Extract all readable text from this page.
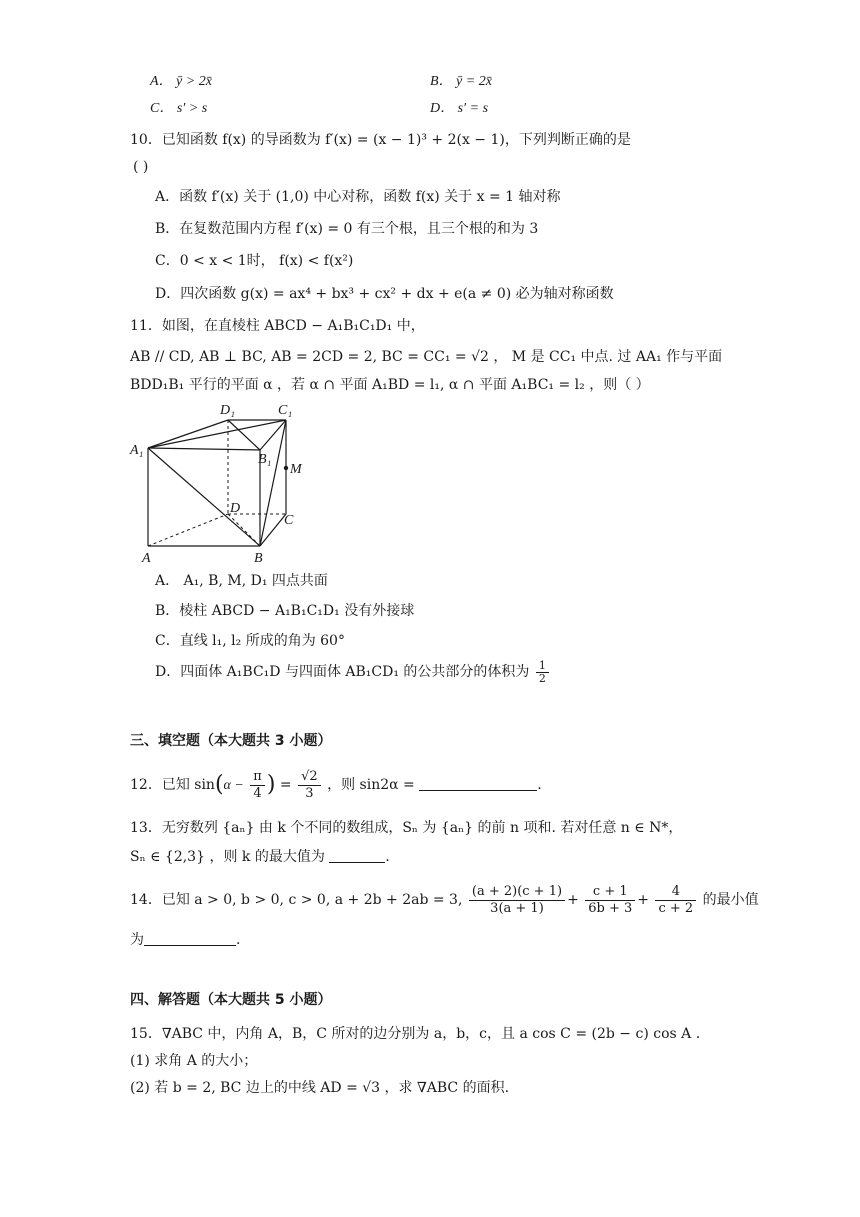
A． ȳ > 2x̄	B． ȳ = 2x̄
C． s′ > s	D． s′ = s
10．已知函数 f(x) 的导函数为 f′(x) = (x − 1)³ + 2(x − 1)，下列判断正确的是
( )
A．函数 f′(x) 关于 (1,0) 中心对称，函数 f(x) 关于 x = 1 轴对称
B．在复数范围内方程 f′(x) = 0 有三个根，且三个根的和为 3
C．0 < x < 1时， f(x) < f(x²)
D．四次函数 g(x) = ax⁴ + bx³ + cx² + dx + e(a ≠ 0) 必为轴对称函数
11．如图，在直棱柱 ABCD − A₁B₁C₁D₁ 中，
AB // CD, AB ⊥ BC, AB = 2CD = 2, BC = CC₁ = √2 ， M 是 CC₁ 中点. 过 AA₁ 作与平面
BDD₁B₁ 平行的平面 α ，若 α ∩ 平面 A₁BD = l₁, α ∩ 平面 A₁BC₁ = l₂ ，则（ ）
D₁	C₁
A₁
B₁
M
D
C
A	B
A． A₁, B, M, D₁ 四点共面
B．棱柱 ABCD − A₁B₁C₁D₁ 没有外接球
C．直线 l₁, l₂ 所成的角为 60°
D．四面体 A₁BC₁D 与四面体 AB₁CD₁ 的公共部分的体积为 $\frac{1}{2}$
三、填空题（本大题共 3 小题）
12．已知 $\sin(\alpha - \frac{\pi}{4}$ ) = $\frac{√2}{3}$ ，则 sin2α =	.
13．无穷数列 {aₙ} 由 k 个不同的数组成，Sₙ 为 {aₙ} 的前 n 项和. 若对任意 n ∈ N*，
Sₙ ∈ {2,3} ，则 k 的最大值为	.
14．已知 a > 0, b > 0, c > 0, a + 2b + 2ab = 3, $\frac{(a + 2)(c + 1)}{3(a + 1)} + \frac{c + 1}{6b + 3} + \frac{4}{c + 2}$ 的最小值
为	.
四、解答题（本大题共 5 小题）
15．∇ABC 中，内角 A，B，C 所对的边分别为 a，b，c，且 a cos C = (2b − c) cos A .
(1) 求角 A 的大小；
(2) 若 b = 2, BC 边上的中线 AD = √3 ，求 ∇ABC 的面积.
